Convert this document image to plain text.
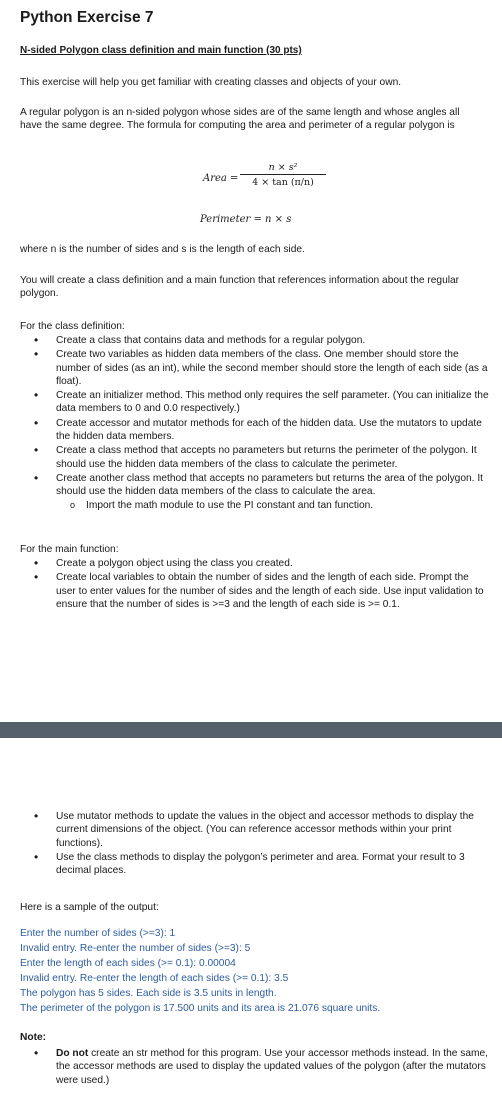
Python Exercise 7

N-sided Polygon class definition and main function (30 pts)

This exercise will help you get familiar with creating classes and objects of your own.

A regular polygon is an n-sided polygon whose sides are of the same length and whose angles all have the same degree. The formula for computing the area and perimeter of a regular polygon is

Area =
n × s²
4 × tan (π/n)
Perimeter = n × s

where n is the number of sides and s is the length of each side.

You will create a class definition and a main function that references information about the regular polygon.

For the class definition:

• Create a class that contains data and methods for a regular polygon.
• Create two variables as hidden data members of the class. One member should store the number of sides (as an int), while the second member should store the length of each side (as a float).
• Create an initializer method. This method only requires the self parameter. (You can initialize the data members to 0 and 0.0 respectively.)
• Create accessor and mutator methods for each of the hidden data. Use the mutators to update the hidden data members.
• Create a class method that accepts no parameters but returns the perimeter of the polygon. It should use the hidden data members of the class to calculate the perimeter.
• Create another class method that accepts no parameters but returns the area of the polygon. It should use the hidden data members of the class to calculate the area.
o Import the math module to use the PI constant and tan function.

For the main function:

• Create a polygon object using the class you created.
• Create local variables to obtain the number of sides and the length of each side. Prompt the user to enter values for the number of sides and the length of each side. Use input validation to ensure that the number of sides is >=3 and the length of each side is >= 0.1.
• Use mutator methods to update the values in the object and accessor methods to display the current dimensions of the object. (You can reference accessor methods within your print functions).
• Use the class methods to display the polygon’s perimeter and area. Format your result to 3 decimal places.

Here is a sample of the output:

Enter the number of sides (>=3): 1
Invalid entry. Re-enter the number of sides (>=3): 5
Enter the length of each sides (>= 0.1): 0.00004
Invalid entry. Re-enter the length of each sides (>= 0.1): 3.5
The polygon has 5 sides. Each side is 3.5 units in length.
The perimeter of the polygon is 17.500 units and its area is 21.076 square units.

Note:

• Do not create an str method for this program. Use your accessor methods instead. In the same, the accessor methods are used to display the updated values of the polygon (after the mutators were used.)
